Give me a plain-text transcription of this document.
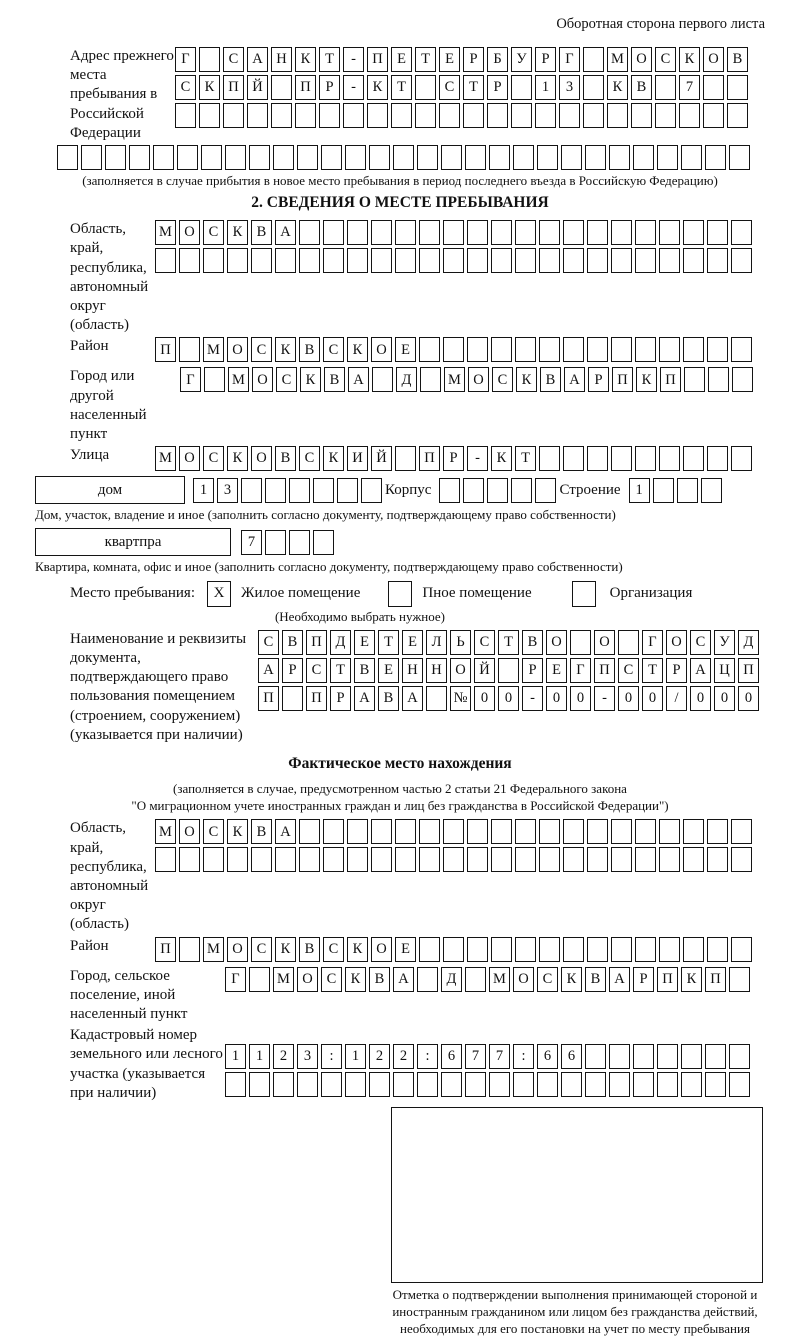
Оборотная сторона первого листа
Адрес прежнего места пребывания в Российской Федерации
Г	С А Н К	Т	-	П Е	Т	Е	Р	Б	У	Р	Г	М О С К О В
С К П Й	П	Р	-	К	Т	С	Т	Р	1	3	К В	7
(заполняется в случае прибытия в новое место пребывания в период последнего въезда в Российскую Федерацию)
2. СВЕДЕНИЯ О МЕСТЕ ПРЕБЫВАНИЯ
Область, край, республика, автономный округ (область)
М О С К В А
Район	П	М О С К В С К О Е
Город или другой населенный пункт
Г	М О С К В А	Д	М О С К В А	Р	П К П
Улица	М О С К О В С К И Й	П	Р	-	К	Т
дом	1	3	Корпус	Строение	1
Дом, участок, владение и иное (заполнить согласно документу, подтверждающему право собственности)
квартпра	7
Квартира, комната, офис и иное (заполнить согласно документу, подтверждающему право собственности)
Место пребывания:	X	Жилое помещение	Пное помещение	Организация
(Необходимо выбрать нужное)
Наименование и реквизиты документа, подтверждающего право пользования помещением (строением, сооружением) (указывается при наличии)
С В П Д	Е	Т	Е	Л	Ь	С	Т	В О	О	Г	О С У Д
А	Р	С	Т	В	Е Н Н О Й	Р	Е	Г	П С	Т	Р	А Ц П
П	П	Р	А В А	№ 0	0	-	0	0	-	0	0	/	0	0	0
Фактическое место нахождения
(заполняется в случае, предусмотренном частью 2 статьи 21 Федерального закона
"О миграционном учете иностранных граждан и лиц без гражданства в Российской Федерации")
Область, край, республика, автономный округ (область)
М О С К В А
Район	П	М О С К В С К О Е
Город, сельское поселение, иной населенный пункт
Г	М О С К В А	Д	М О С К В А	Р	П К П
Кадастровый номер земельного или лесного участка (указывается при наличии)
1	1	2	3	:	1	2	2	:	6	7	7	:	6	6
Отметка о подтверждении выполнения принимающей стороной и иностранным гражданином или лицом без гражданства действий, необходимых для его постановки на учет по месту пребывания
